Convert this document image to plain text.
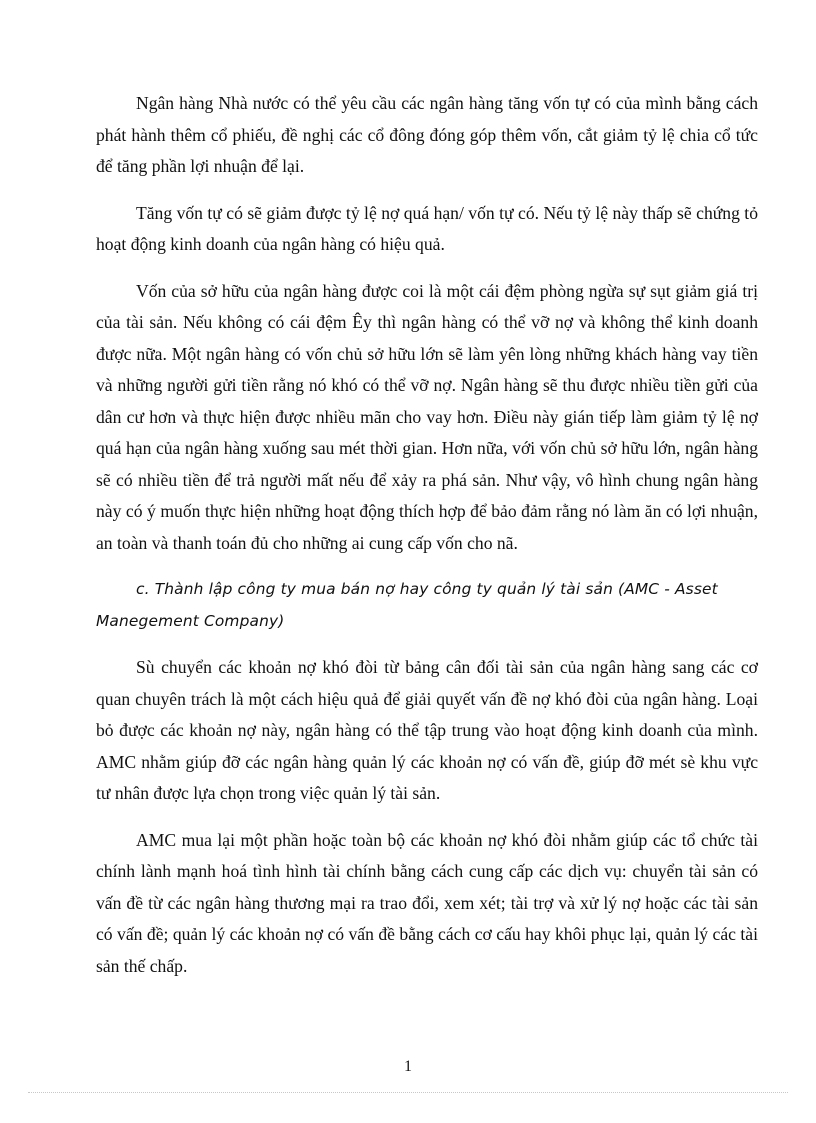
Ngân hàng Nhà nước có thể yêu cầu các ngân hàng tăng vốn tự có của mình bằng cách phát hành thêm cổ phiếu, đề nghị các cổ đông đóng góp thêm vốn, cắt giảm tỷ lệ chia cổ tức để tăng phần lợi nhuận để lại.

Tăng vốn tự có sẽ giảm được tỷ lệ nợ quá hạn/ vốn tự có. Nếu tỷ lệ này thấp sẽ chứng tỏ hoạt động kinh doanh của ngân hàng có hiệu quả.

Vốn của sở hữu của ngân hàng được coi là một cái đệm phòng ngừa sự sụt giảm giá trị của tài sản. Nếu không có cái đệm Êy thì ngân hàng có thể vỡ nợ và không thể kinh doanh được nữa. Một ngân hàng có vốn chủ sở hữu lớn sẽ làm yên lòng những khách hàng vay tiền và những người gửi tiền rằng nó khó có thể vỡ nợ. Ngân hàng sẽ thu được nhiều tiền gửi của dân cư hơn và thực hiện được nhiều mãn cho vay hơn. Điều này gián tiếp làm giảm tỷ lệ nợ quá hạn của ngân hàng xuống sau mét thời gian. Hơn nữa, với vốn chủ sở hữu lớn, ngân hàng sẽ có nhiều tiền để trả người mất nếu để xảy ra phá sản. Như vậy, vô hình chung ngân hàng này có ý muốn thực hiện những hoạt động thích hợp để bảo đảm rằng nó làm ăn có lợi nhuận, an toàn và thanh toán đủ cho những ai cung cấp vốn cho nã.

c. Thành lập công ty mua bán nợ hay công ty quản lý tài sản (AMC - Asset Manegement Company)

Sù chuyển các khoản nợ khó đòi từ bảng cân đối tài sản của ngân hàng sang các cơ quan chuyên trách là một cách hiệu quả để giải quyết vấn đề nợ khó đòi của ngân hàng. Loại bỏ được các khoản nợ này, ngân hàng có thể tập trung vào hoạt động kinh doanh của mình. AMC nhằm giúp đỡ các ngân hàng quản lý các khoản nợ có vấn đề, giúp đỡ mét sè khu vực tư nhân được lựa chọn trong việc quản lý tài sản.

AMC mua lại một phần hoặc toàn bộ các khoản nợ khó đòi nhằm giúp các tổ chức tài chính lành mạnh hoá tình hình tài chính bằng cách cung cấp các dịch vụ: chuyển tài sản có vấn đề từ các ngân hàng thương mại ra trao đổi, xem xét; tài trợ và xử lý nợ hoặc các tài sản có vấn đề; quản lý các khoản nợ có vấn đề bằng cách cơ cấu hay khôi phục lại, quản lý các tài sản thế chấp.

1
